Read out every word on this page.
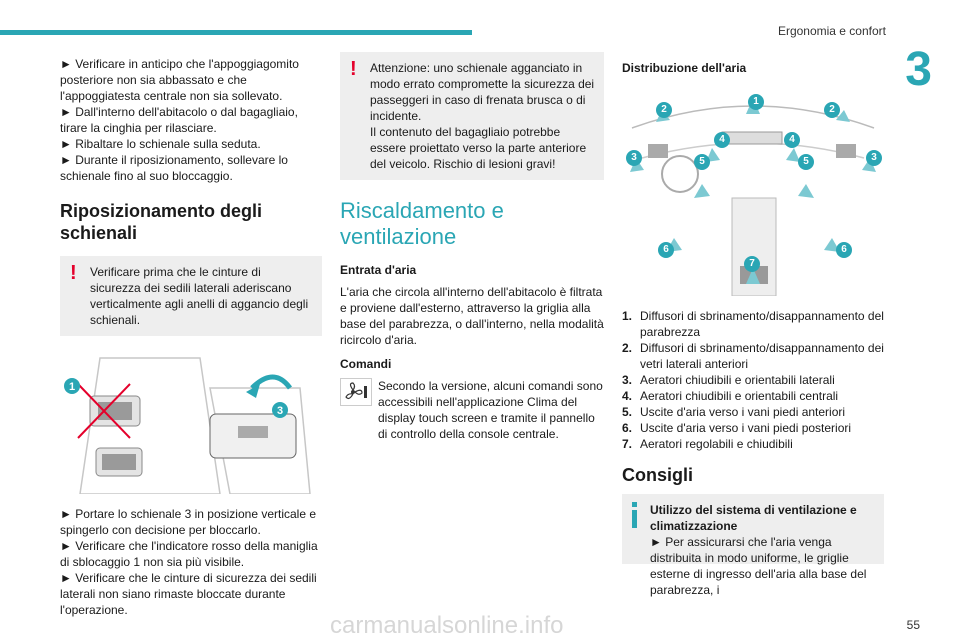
Ergonomia e confort
3

► Verificare in anticipo che l'appoggiagomito posteriore non sia abbassato e che l'appoggiatesta centrale non sia sollevato.

► Dall'interno dell'abitacolo o dal bagagliaio, tirare la cinghia per rilasciare.

► Ribaltare lo schienale sulla seduta.

► Durante il riposizionamento, sollevare lo schienale fino al suo bloccaggio.

Riposizionamento degli schienali
!	Verificare prima che le cinture di sicurezza dei sedili laterali aderiscano verticalmente agli anelli di aggancio degli schienali.

1
3

► Portare lo schienale 3 in posizione verticale e spingerlo con decisione per bloccarlo.

► Verificare che l'indicatore rosso della maniglia di sblocaggio 1 non sia più visibile.

► Verificare che le cinture di sicurezza dei sedili laterali non siano rimaste bloccate durante l'operazione.

!	Attenzione: uno schienale agganciato in modo errato compromette la sicurezza dei passeggeri in caso di frenata brusca o di incidente.
Il contenuto del bagagliaio potrebbe essere proiettato verso la parte anteriore del veicolo. Rischio di lesioni gravi!

Riscaldamento e ventilazione
Entrata d'aria

L'aria che circola all'interno dell'abitacolo è filtrata e proviene dall'esterno, attraverso la griglia alla base del parabrezza, o dall'interno, nella modalità ricircolo d'aria.

Comandi

Secondo la versione, alcuni comandi sono accessibili nell'applicazione Clima del display touch screen e tramite il pannello di controllo della console centrale.

Distribuzione dell'aria
1
2	2
3	3
4	4
5	5
6	6
7
1. Diffusori di sbrinamento/disappannamento del parabrezza
2. Diffusori di sbrinamento/disappannamento dei vetri laterali anteriori
3. Aeratori chiudibili e orientabili laterali
4. Aeratori chiudibili e orientabili centrali
5. Uscite d'aria verso i vani piedi anteriori
6. Uscite d'aria verso i vani piedi posteriori
7. Aeratori regolabili e chiudibili
Consigli

Utilizzo del sistema di ventilazione e climatizzazione

► Per assicurarsi che l'aria venga distribuita in modo uniforme, le griglie esterne di ingresso dell'aria alla base del parabrezza, i

55
carmanualsonline.info
